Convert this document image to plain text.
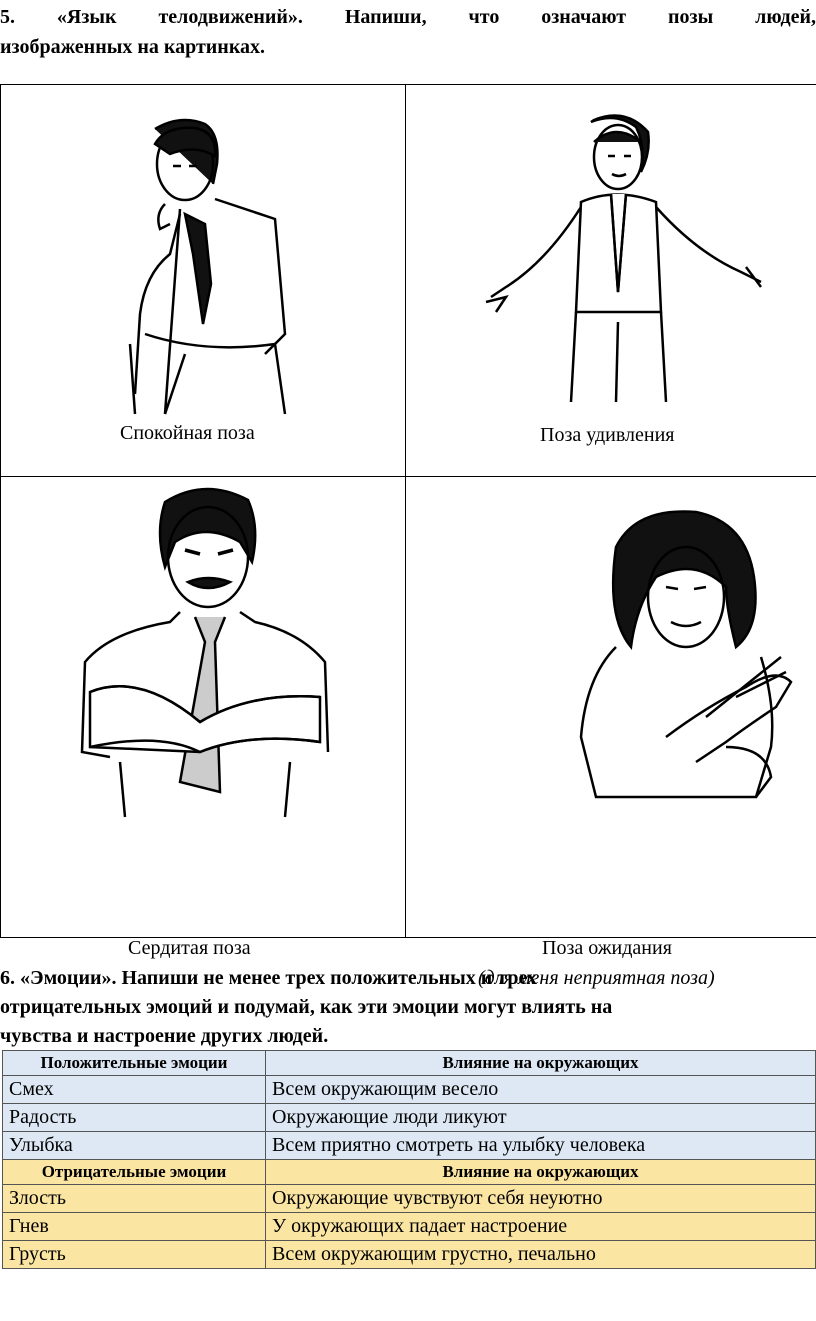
5. «Язык телодвижений». Напиши, что означают позы людей,
изображенных на картинках.
Спокойная поза	Поза удивления
Сердитая поза	Поза ожидания
(для меня неприятная поза)
6. «Эмоции». Напиши не менее трех положительных и трех
отрицательных эмоций и подумай, как эти эмоции могут влиять на
чувства и настроение других людей.
Положительные эмоции	Влияние на окружающих
Смех	Всем окружающим весело
Радость	Окружающие люди ликуют
Улыбка	Всем приятно смотреть на улыбку человека
Отрицательные эмоции	Влияние на окружающих
Злость	Окружающие чувствуют себя неуютно
Гнев	У окружающих падает настроение
Грусть	Всем окружающим грустно, печально
